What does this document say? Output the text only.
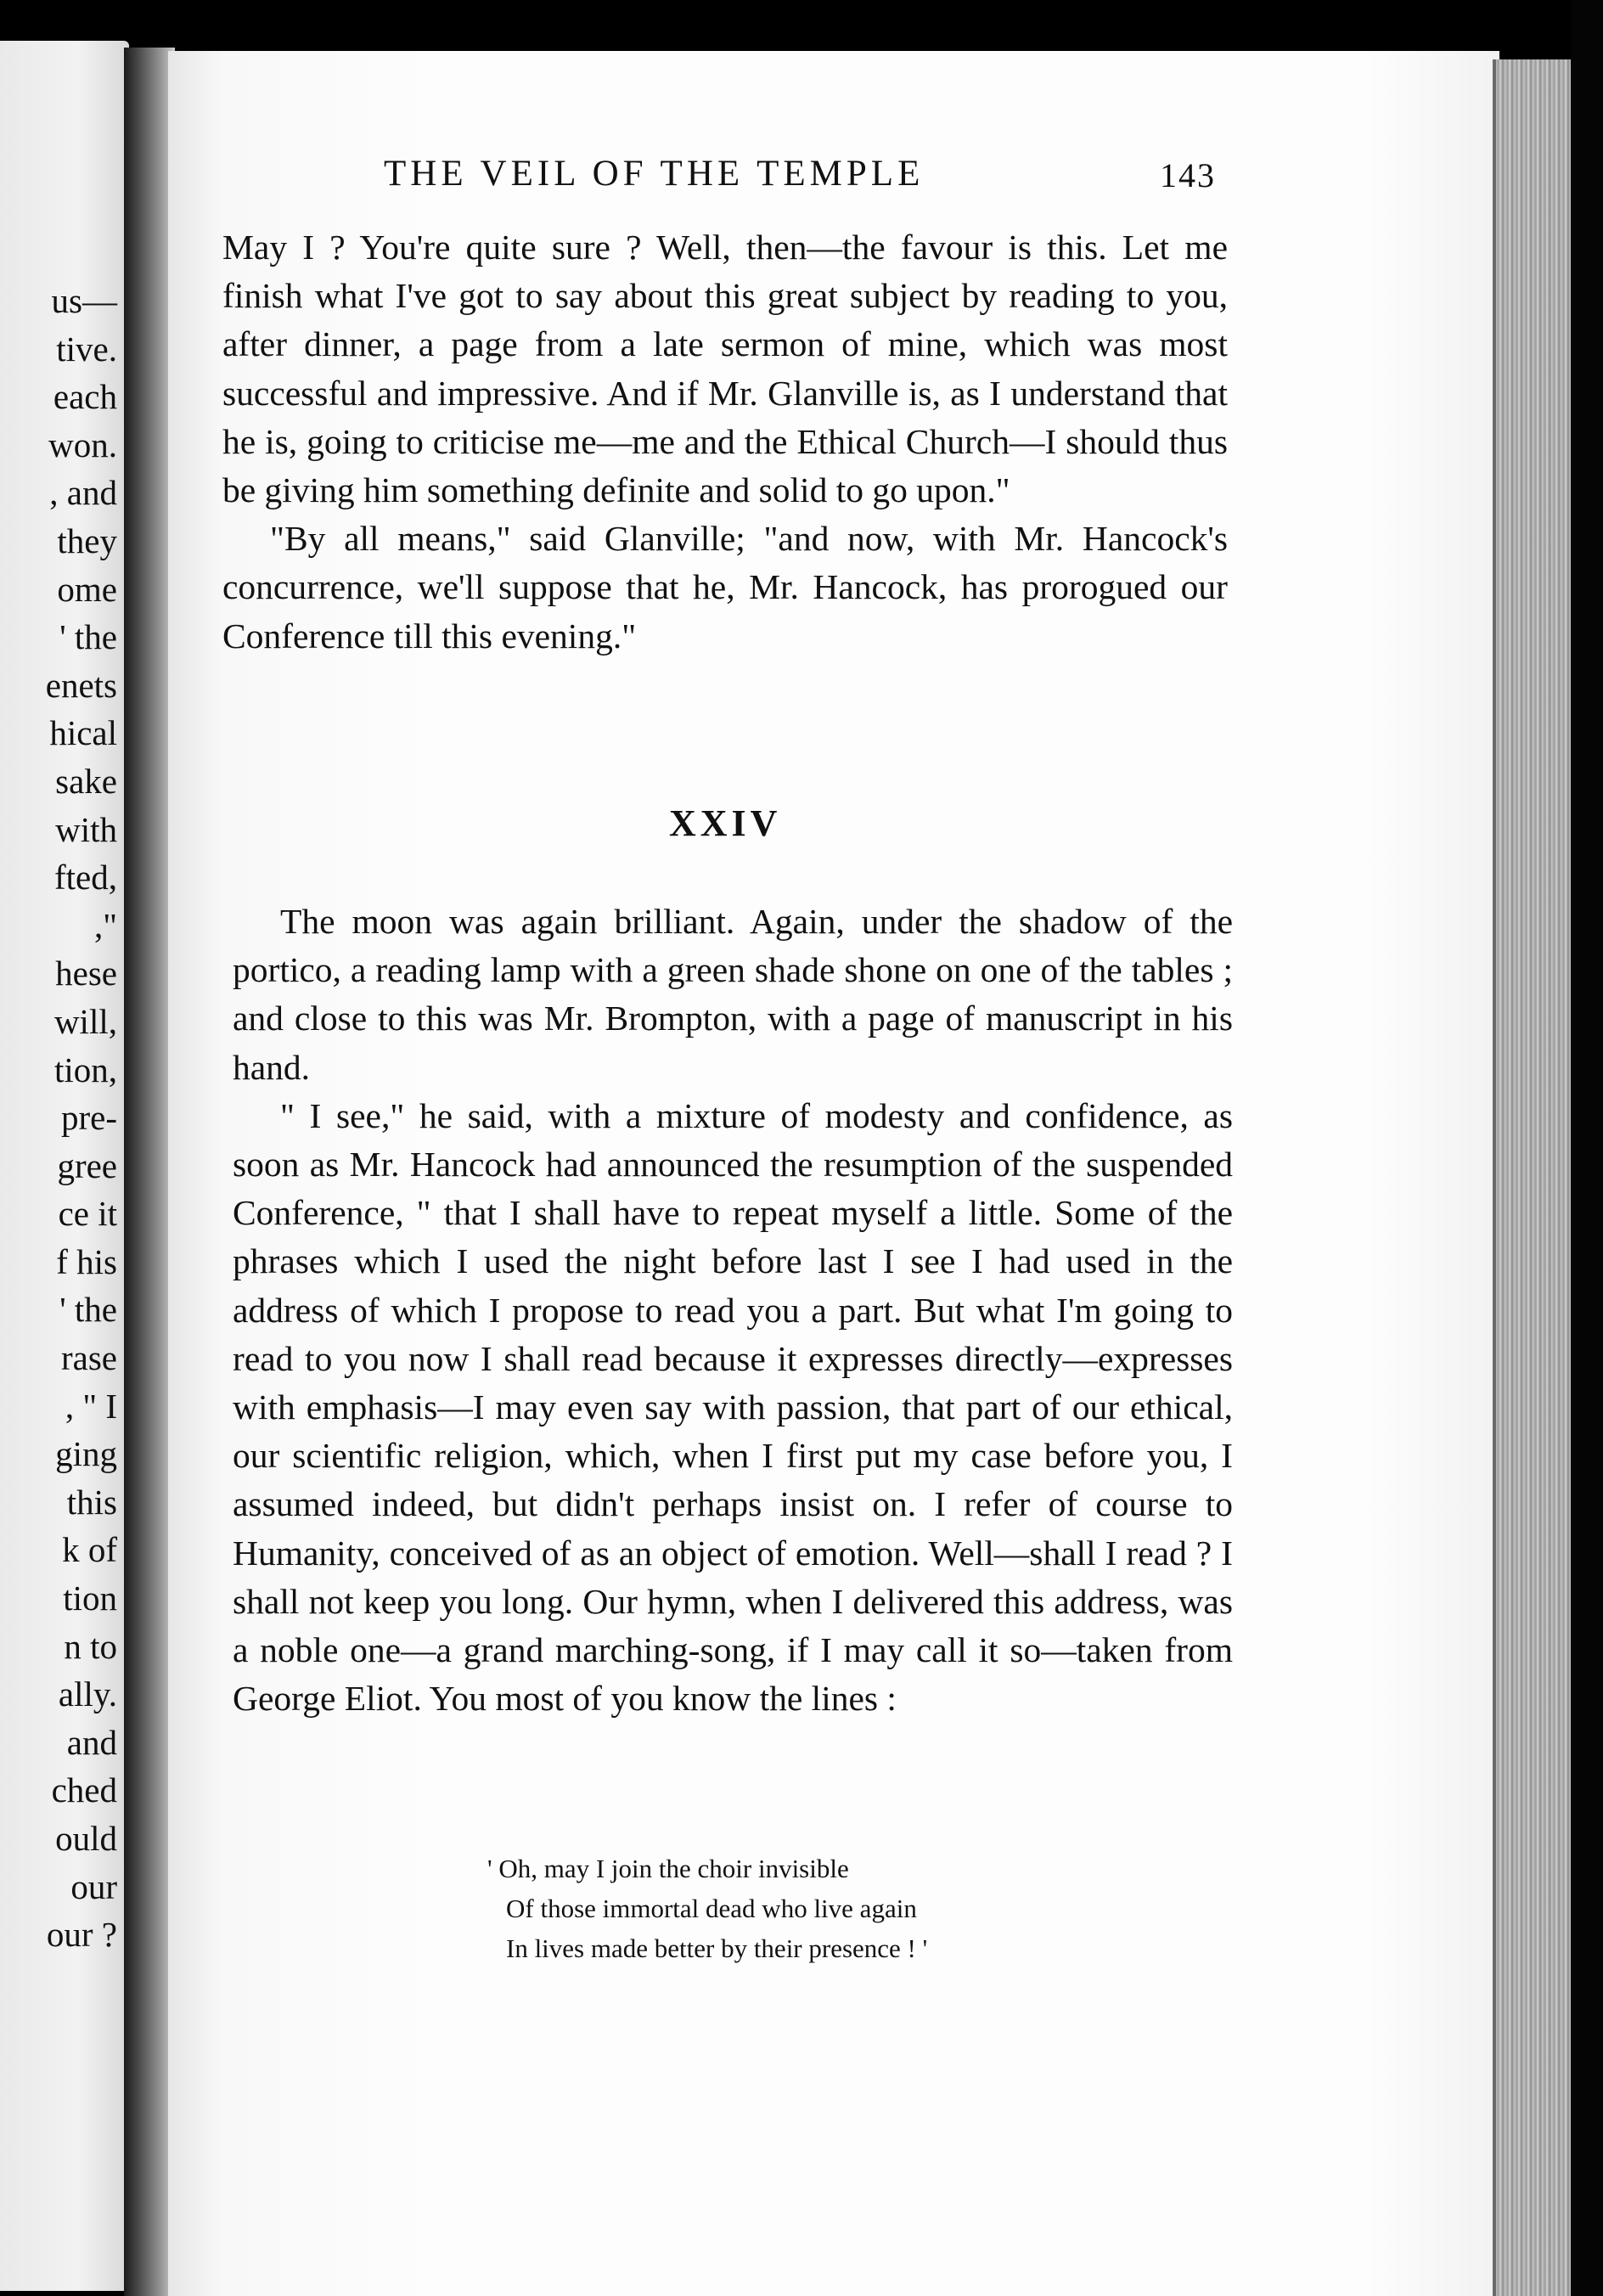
us—
tive.
each
won.
, and
they
ome
' the
enets
hical
sake
with
fted,
,"
hese
will,
tion,
pre-
gree
ce it
f his
' the
rase
, " I
ging
this
k of
tion
n to
ally.
and
ched
ould
our
our ?
THE VEIL OF THE TEMPLE	143

May I ? You're quite sure ? Well, then—the favour is this. Let me finish what I've got to say about this great subject by reading to you, after dinner, a page from a late sermon of mine, which was most successful and impressive. And if Mr. Glanville is, as I understand that he is, going to criticise me—me and the Ethical Church—I should thus be giving him something definite and solid to go upon."

"By all means," said Glanville; "and now, with Mr. Hancock's concurrence, we'll suppose that he, Mr. Hancock, has prorogued our Conference till this evening."

XXIV

The moon was again brilliant. Again, under the shadow of the portico, a reading lamp with a green shade shone on one of the tables ; and close to this was Mr. Brompton, with a page of manuscript in his hand.

" I see," he said, with a mixture of modesty and confidence, as soon as Mr. Hancock had announced the resumption of the suspended Conference, " that I shall have to repeat myself a little. Some of the phrases which I used the night before last I see I had used in the address of which I propose to read you a part. But what I'm going to read to you now I shall read because it expresses directly—expresses with emphasis—I may even say with passion, that part of our ethical, our scientific religion, which, when I first put my case before you, I assumed indeed, but didn't perhaps insist on. I refer of course to Humanity, conceived of as an object of emotion. Well—shall I read ? I shall not keep you long. Our hymn, when I delivered this address, was a noble one—a grand marching-song, if I may call it so—taken from George Eliot. You most of you know the lines :

' Oh, may I join the choir invisible
Of those immortal dead who live again
In lives made better by their presence ! '
